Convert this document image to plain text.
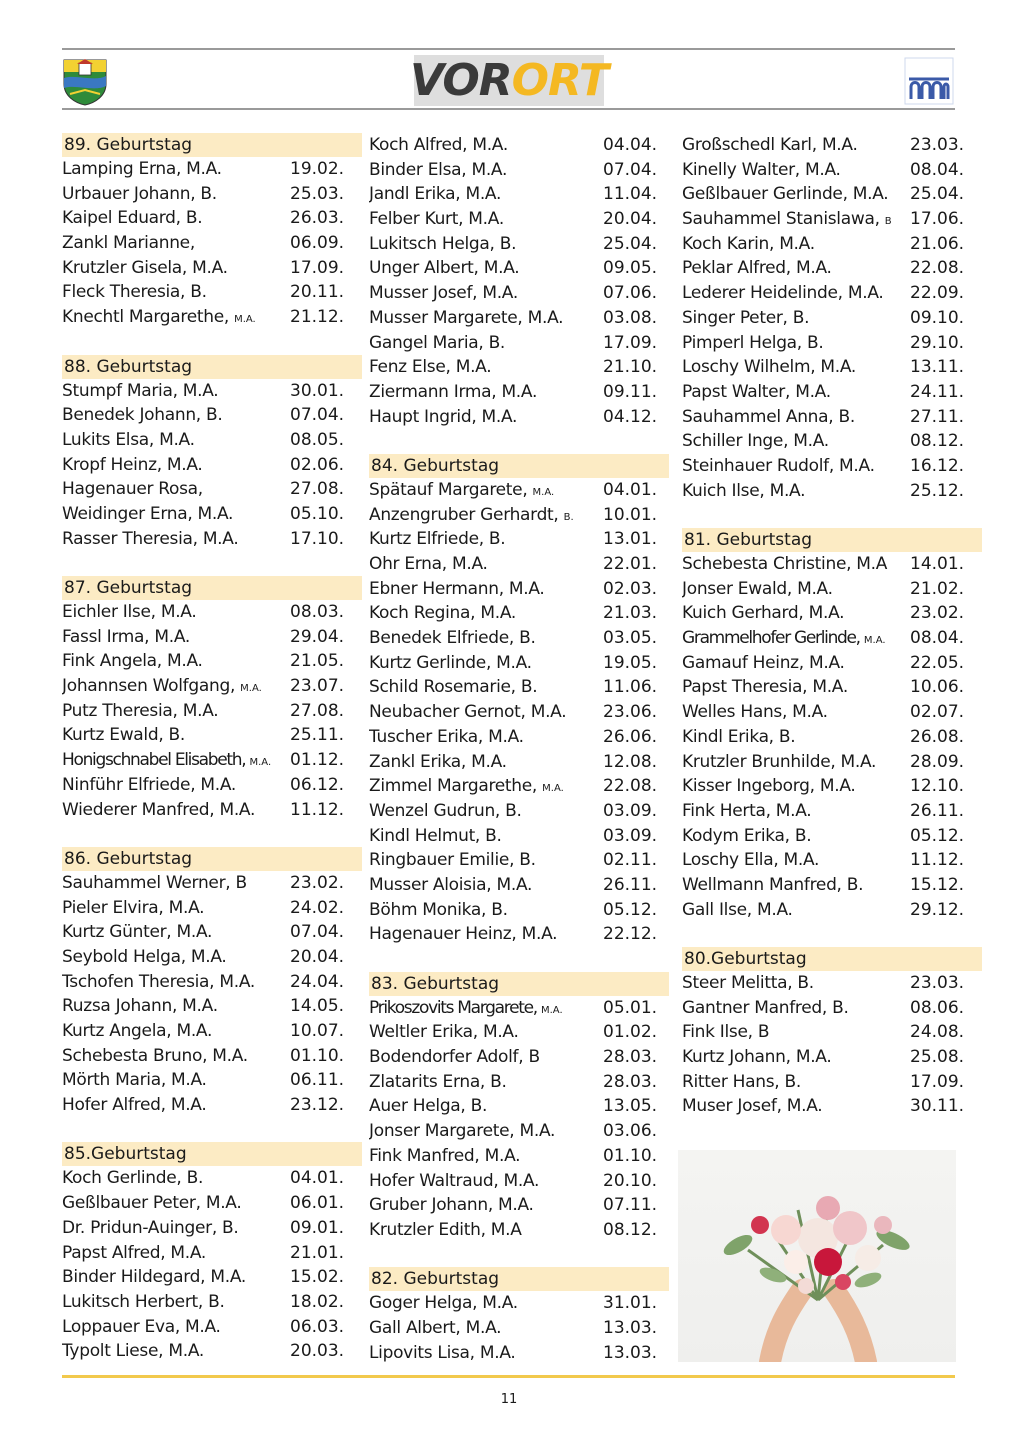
VOR ORT
89. Geburtstag
Lamping Erna, M.A.	19.02.
Urbauer Johann, B.	25.03.
Kaipel Eduard, B.	26.03.
Zankl Marianne,	06.09.
Krutzler Gisela, M.A.	17.09.
Fleck Theresia, B.	20.11.
Knechtl Margarethe, M.A.	21.12.
88. Geburtstag
Stumpf Maria, M.A.	30.01.
Benedek Johann, B.	07.04.
Lukits Elsa, M.A.	08.05.
Kropf Heinz, M.A.	02.06.
Hagenauer Rosa,	27.08.
Weidinger Erna, M.A.	05.10.
Rasser Theresia, M.A.	17.10.
87. Geburtstag
Eichler Ilse, M.A.	08.03.
Fassl Irma, M.A.	29.04.
Fink Angela, M.A.	21.05.
Johannsen Wolfgang, M.A.	23.07.
Putz Theresia, M.A.	27.08.
Kurtz Ewald, B.	25.11.
Honigschnabel Elisabeth, M.A.	01.12.
Ninführ Elfriede, M.A.	06.12.
Wiederer Manfred, M.A.	11.12.
86. Geburtstag
Sauhammel Werner, B	23.02.
Pieler Elvira, M.A.	24.02.
Kurtz Günter, M.A.	07.04.
Seybold Helga, M.A.	20.04.
Tschofen Theresia, M.A.	24.04.
Ruzsa Johann, M.A.	14.05.
Kurtz Angela, M.A.	10.07.
Schebesta Bruno, M.A.	01.10.
Mörth Maria, M.A.	06.11.
Hofer Alfred, M.A.	23.12.
85.Geburtstag
Koch Gerlinde, B.	04.01.
Geßlbauer Peter, M.A.	06.01.
Dr. Pridun-Auinger, B.	09.01.
Papst Alfred, M.A.	21.01.
Binder Hildegard, M.A.	15.02.
Lukitsch Herbert, B.	18.02.
Loppauer Eva, M.A.	06.03.
Typolt Liese, M.A.	20.03.
Koch Alfred, M.A.	04.04.
Binder Elsa, M.A.	07.04.
Jandl Erika, M.A.	11.04.
Felber Kurt, M.A.	20.04.
Lukitsch Helga, B.	25.04.
Unger Albert, M.A.	09.05.
Musser Josef, M.A.	07.06.
Musser Margarete, M.A.	03.08.
Gangel Maria, B.	17.09.
Fenz Else, M.A.	21.10.
Ziermann Irma, M.A.	09.11.
Haupt Ingrid, M.A.	04.12.
84. Geburtstag
Spätauf Margarete, M.A.	04.01.
Anzengruber Gerhardt, B.	10.01.
Kurtz Elfriede, B.	13.01.
Ohr Erna, M.A.	22.01.
Ebner Hermann, M.A.	02.03.
Koch Regina, M.A.	21.03.
Benedek Elfriede, B.	03.05.
Kurtz Gerlinde, M.A.	19.05.
Schild Rosemarie, B.	11.06.
Neubacher Gernot, M.A.	23.06.
Tuscher Erika, M.A.	26.06.
Zankl Erika, M.A.	12.08.
Zimmel Margarethe, M.A.	22.08.
Wenzel Gudrun, B.	03.09.
Kindl Helmut, B.	03.09.
Ringbauer Emilie, B.	02.11.
Musser Aloisia, M.A.	26.11.
Böhm Monika, B.	05.12.
Hagenauer Heinz, M.A.	22.12.
83. Geburtstag
Prikoszovits Margarete, M.A.	05.01.
Weltler Erika, M.A.	01.02.
Bodendorfer Adolf, B	28.03.
Zlatarits Erna, B.	28.03.
Auer Helga, B.	13.05.
Jonser Margarete, M.A.	03.06.
Fink Manfred, M.A.	01.10.
Hofer Waltraud, M.A.	20.10.
Gruber Johann, M.A.	07.11.
Krutzler Edith, M.A	08.12.
82. Geburtstag
Goger Helga, M.A.	31.01.
Gall Albert, M.A.	13.03.
Lipovits Lisa, M.A.	13.03.
Großschedl Karl, M.A.	23.03.
Kinelly Walter, M.A.	08.04.
Geßlbauer Gerlinde, M.A.	25.04.
Sauhammel Stanislawa, B	17.06.
Koch Karin, M.A.	21.06.
Peklar Alfred, M.A.	22.08.
Lederer Heidelinde, M.A.	22.09.
Singer Peter, B.	09.10.
Pimperl Helga, B.	29.10.
Loschy Wilhelm, M.A.	13.11.
Papst Walter, M.A.	24.11.
Sauhammel Anna, B.	27.11.
Schiller Inge, M.A.	08.12.
Steinhauer Rudolf, M.A.	16.12.
Kuich Ilse, M.A.	25.12.
81. Geburtstag
Schebesta Christine, M.A	14.01.
Jonser Ewald, M.A.	21.02.
Kuich Gerhard, M.A.	23.02.
Grammelhofer Gerlinde, M.A.	08.04.
Gamauf Heinz, M.A.	22.05.
Papst Theresia, M.A.	10.06.
Welles Hans, M.A.	02.07.
Kindl Erika, B.	26.08.
Krutzler Brunhilde, M.A.	28.09.
Kisser Ingeborg, M.A.	12.10.
Fink Herta, M.A.	26.11.
Kodym Erika, B.	05.12.
Loschy Ella, M.A.	11.12.
Wellmann Manfred, B.	15.12.
Gall Ilse, M.A.	29.12.
80.Geburtstag
Steer Melitta, B.	23.03.
Gantner Manfred, B.	08.06.
Fink Ilse, B	24.08.
Kurtz Johann, M.A.	25.08.
Ritter Hans, B.	17.09.
Muser Josef, M.A.	30.11.
11
